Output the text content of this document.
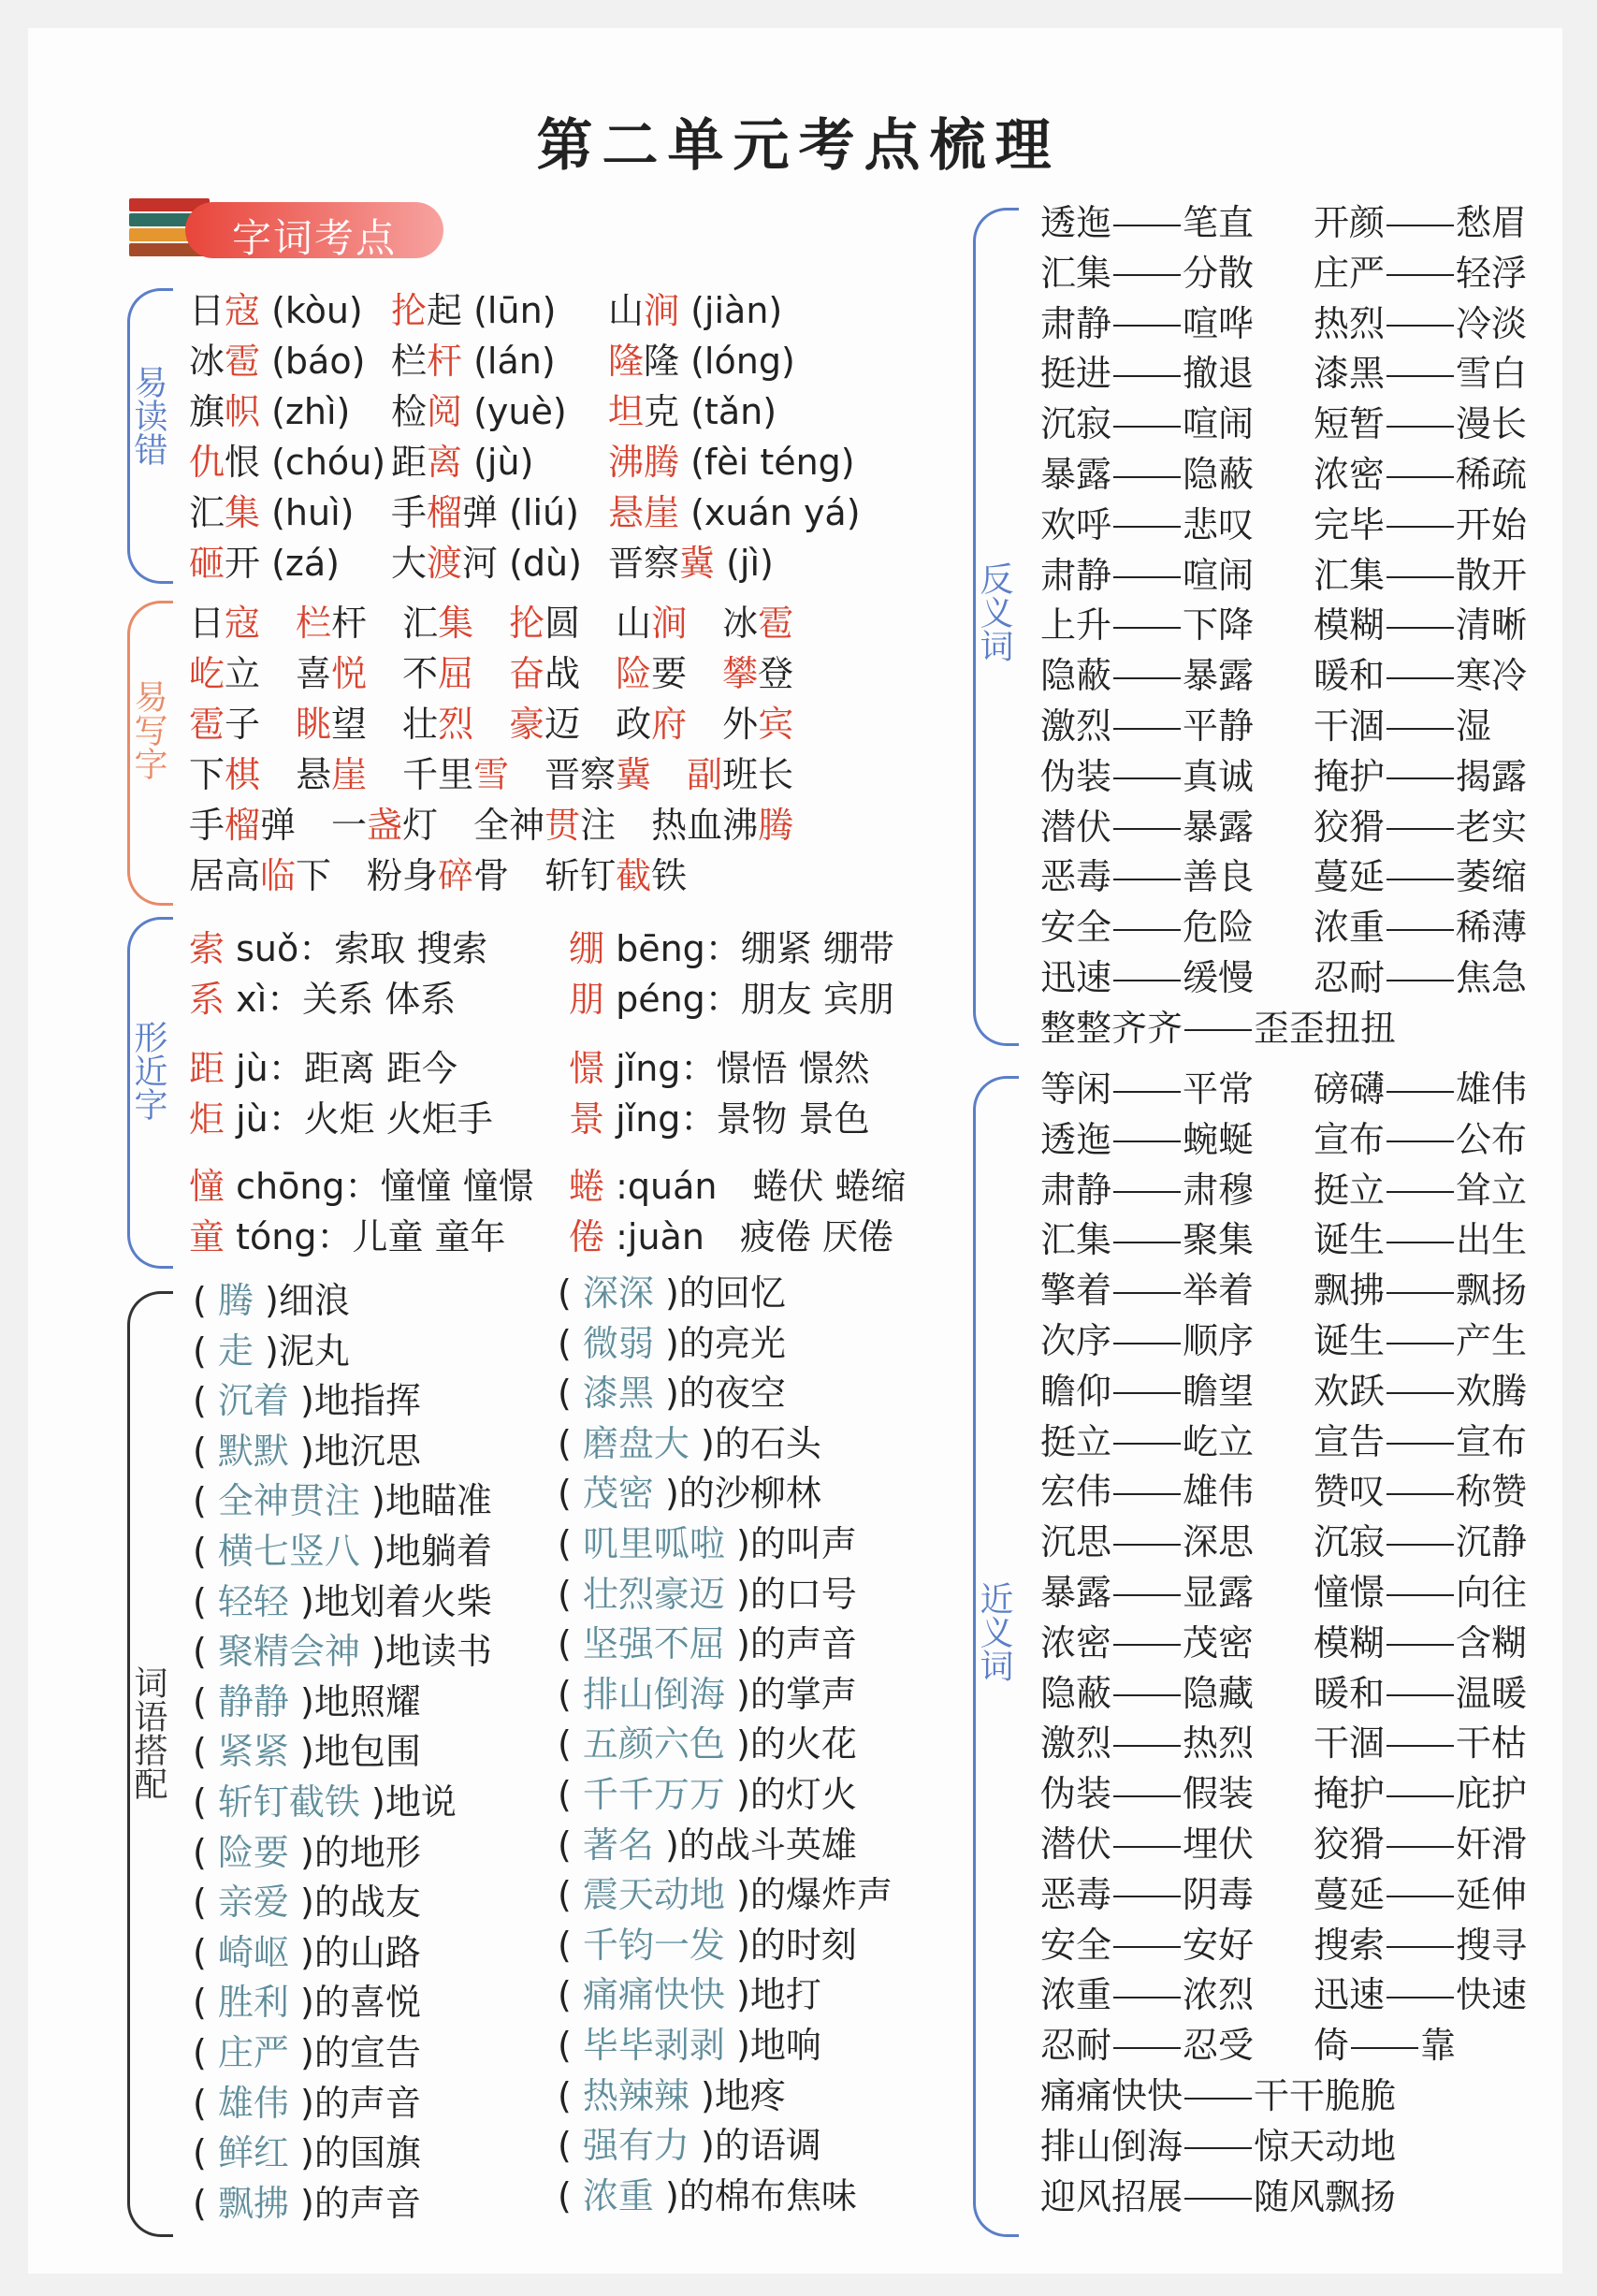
第二单元考点梳理
字词考点
易读错
易写字
形近字
词语搭配
反义词
近义词
日寇 (kòu) 抡起 (lūn) 山涧 (jiàn)
冰雹 (báo) 栏杆 (lán) 隆隆 (lóng)
旗帜 (zhì) 检阅 (yuè) 坦克 (tǎn)
仇恨 (chóu) 距离 (jù) 沸腾 (fèi téng)
汇集 (huì) 手榴弹 (liú) 悬崖 (xuán yá)
砸开 (zá) 大渡河 (dù) 晋察冀 (jì)
日寇　 栏杆　汇集　 抡圆　山涧　冰雹
屹立　喜悦　不屈　 奋战　险要　攀登
雹子　眺望　壮烈　 豪迈　政府　外宾
下棋　悬崖　千里雪　晋察冀　 副班长
手榴弹　一盏灯　全神贯注　热血沸腾
居高临下　粉身碎骨　斩钉截铁
索 suǒ：索取 搜索 绷 bēng：绷紧 绷带
系 xì：关系 体系	朋 péng：朋友 宾朋
距 jù：距离 距今	憬 jǐng：憬悟 憬然
炬 jù：火炬 火炬手 景 jǐng：景物 景色
憧 chōng：憧憧 憧憬 蜷 :quán　蜷伏 蜷缩
童 tóng：儿童 童年 倦 :juàn　疲倦 厌倦
( 腾 )细浪
( 走 )泥丸
( 沉着 )地指挥
( 默默 )地沉思
( 全神贯注 )地瞄准
( 横七竖八 )地躺着
( 轻轻 )地划着火柴
( 聚精会神 )地读书
( 静静 )地照耀
( 紧紧 )地包围
( 斩钉截铁 )地说
( 险要 )的地形
( 亲爱 )的战友
( 崎岖 )的山路
( 胜利 )的喜悦
( 庄严 )的宣告
( 雄伟 )的声音
( 鲜红 )的国旗
( 飘拂 )的声音
( 深深 )的回忆
( 微弱 )的亮光
( 漆黑 )的夜空
( 磨盘大 )的石头
( 茂密 )的沙柳林
( 叽里呱啦 )的叫声
( 壮烈豪迈 )的口号
( 坚强不屈 )的声音
( 排山倒海 )的掌声
( 五颜六色 )的火花
( 千千万万 )的灯火
( 著名 )的战斗英雄
( 震天动地 )的爆炸声
( 千钧一发 )的时刻
( 痛痛快快 )地打
( 毕毕剥剥 )地响
( 热辣辣 )地疼
( 强有力 )的语调
( 浓重 )的棉布焦味
透迤 笔直 开颜 愁眉
汇集 分散 庄严 轻浮
肃静 喧哗 热烈 冷淡
挺进 撤退 漆黑 雪白
沉寂 喧闹 短暂 漫长
暴露 隐蔽 浓密 稀疏
欢呼 悲叹 完毕 开始
肃静 喧闹 汇集 散开
上升 下降 模糊 清晰
隐蔽 暴露 暖和 寒冷
激烈 平静 干涸 湿
伪装 真诚 掩护 揭露
潜伏 暴露 狡猾 老实
恶毒 善良 蔓延 萎缩
安全 危险 浓重 稀薄
迅速 缓慢 忍耐 焦急
整整齐齐 歪歪扭扭
等闲 平常 磅礴 雄伟
透迤 蜿蜒 宣布 公布
肃静 肃穆 挺立 耸立
汇集 聚集 诞生 出生
擎着 举着 飘拂 飘扬
次序 顺序 诞生 产生
瞻仰 瞻望 欢跃 欢腾
挺立 屹立 宣告 宣布
宏伟 雄伟 赞叹 称赞
沉思 深思 沉寂 沉静
暴露 显露 憧憬 向往
浓密 茂密 模糊 含糊
隐蔽 隐藏 暖和 温暖
激烈 热烈 干涸 干枯
伪装 假装 掩护 庇护
潜伏 埋伏 狡猾 奸滑
恶毒 阴毒 蔓延 延伸
安全 安好 搜索 搜寻
浓重 浓烈 迅速 快速
忍耐 忍受 倚 靠
痛痛快快 干干脆脆
排山倒海 惊天动地
迎风招展 随风飘扬
